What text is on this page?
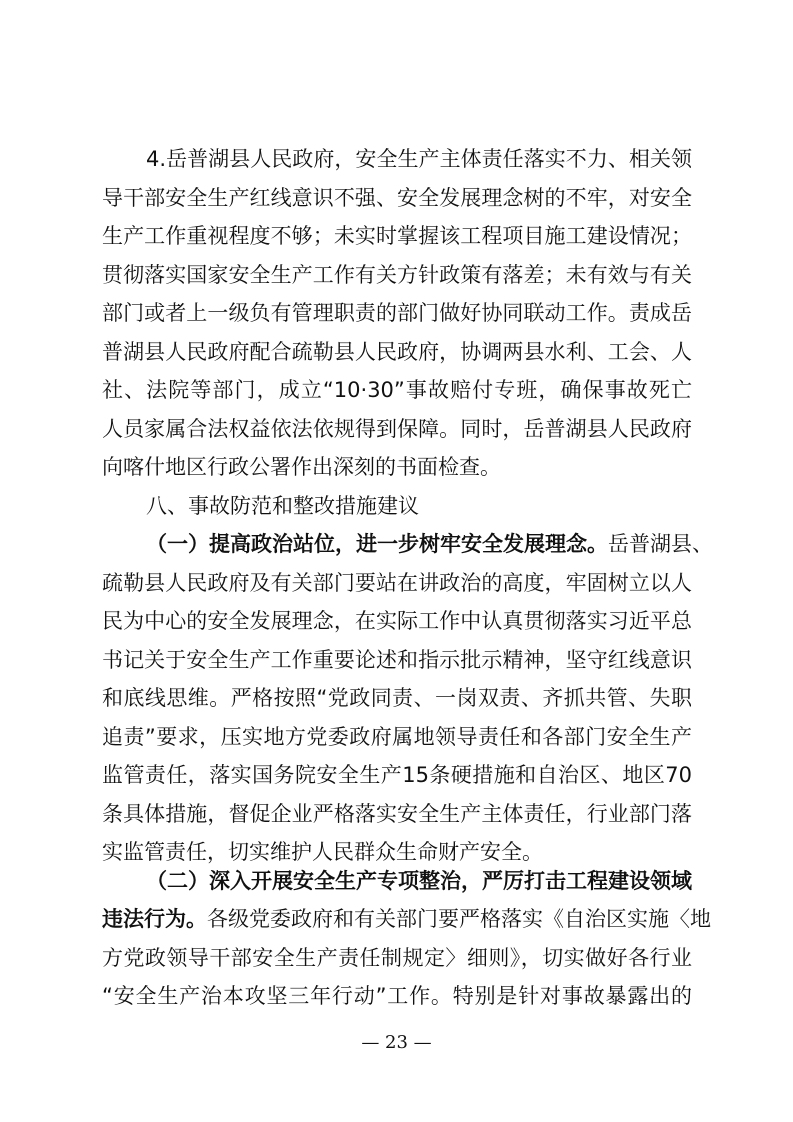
4.岳普湖县人民政府，安全生产主体责任落实不力、相关领
导干部安全生产红线意识不强、安全发展理念树的不牢，对安全
生产工作重视程度不够；未实时掌握该工程项目施工建设情况；
贯彻落实国家安全生产工作有关方针政策有落差；未有效与有关
部门或者上一级负有管理职责的部门做好协同联动工作。责成岳
普湖县人民政府配合疏勒县人民政府，协调两县水利、工会、人
社、法院等部门，成立“10·30”事故赔付专班，确保事故死亡
人员家属合法权益依法依规得到保障。同时，岳普湖县人民政府
向喀什地区行政公署作出深刻的书面检查。
八、事故防范和整改措施建议
（一）提高政治站位，进一步树牢安全发展理念。岳普湖县、
疏勒县人民政府及有关部门要站在讲政治的高度，牢固树立以人
民为中心的安全发展理念，在实际工作中认真贯彻落实习近平总
书记关于安全生产工作重要论述和指示批示精神，坚守红线意识
和底线思维。严格按照“党政同责、一岗双责、齐抓共管、失职
追责”要求，压实地方党委政府属地领导责任和各部门安全生产
监管责任，落实国务院安全生产15条硬措施和自治区、地区70
条具体措施，督促企业严格落实安全生产主体责任，行业部门落
实监管责任，切实维护人民群众生命财产安全。
（二）深入开展安全生产专项整治，严厉打击工程建设领域
违法行为。各级党委政府和有关部门要严格落实《自治区实施〈地
方党政领导干部安全生产责任制规定〉细则》，切实做好各行业
“安全生产治本攻坚三年行动”工作。特别是针对事故暴露出的
— 23 —
